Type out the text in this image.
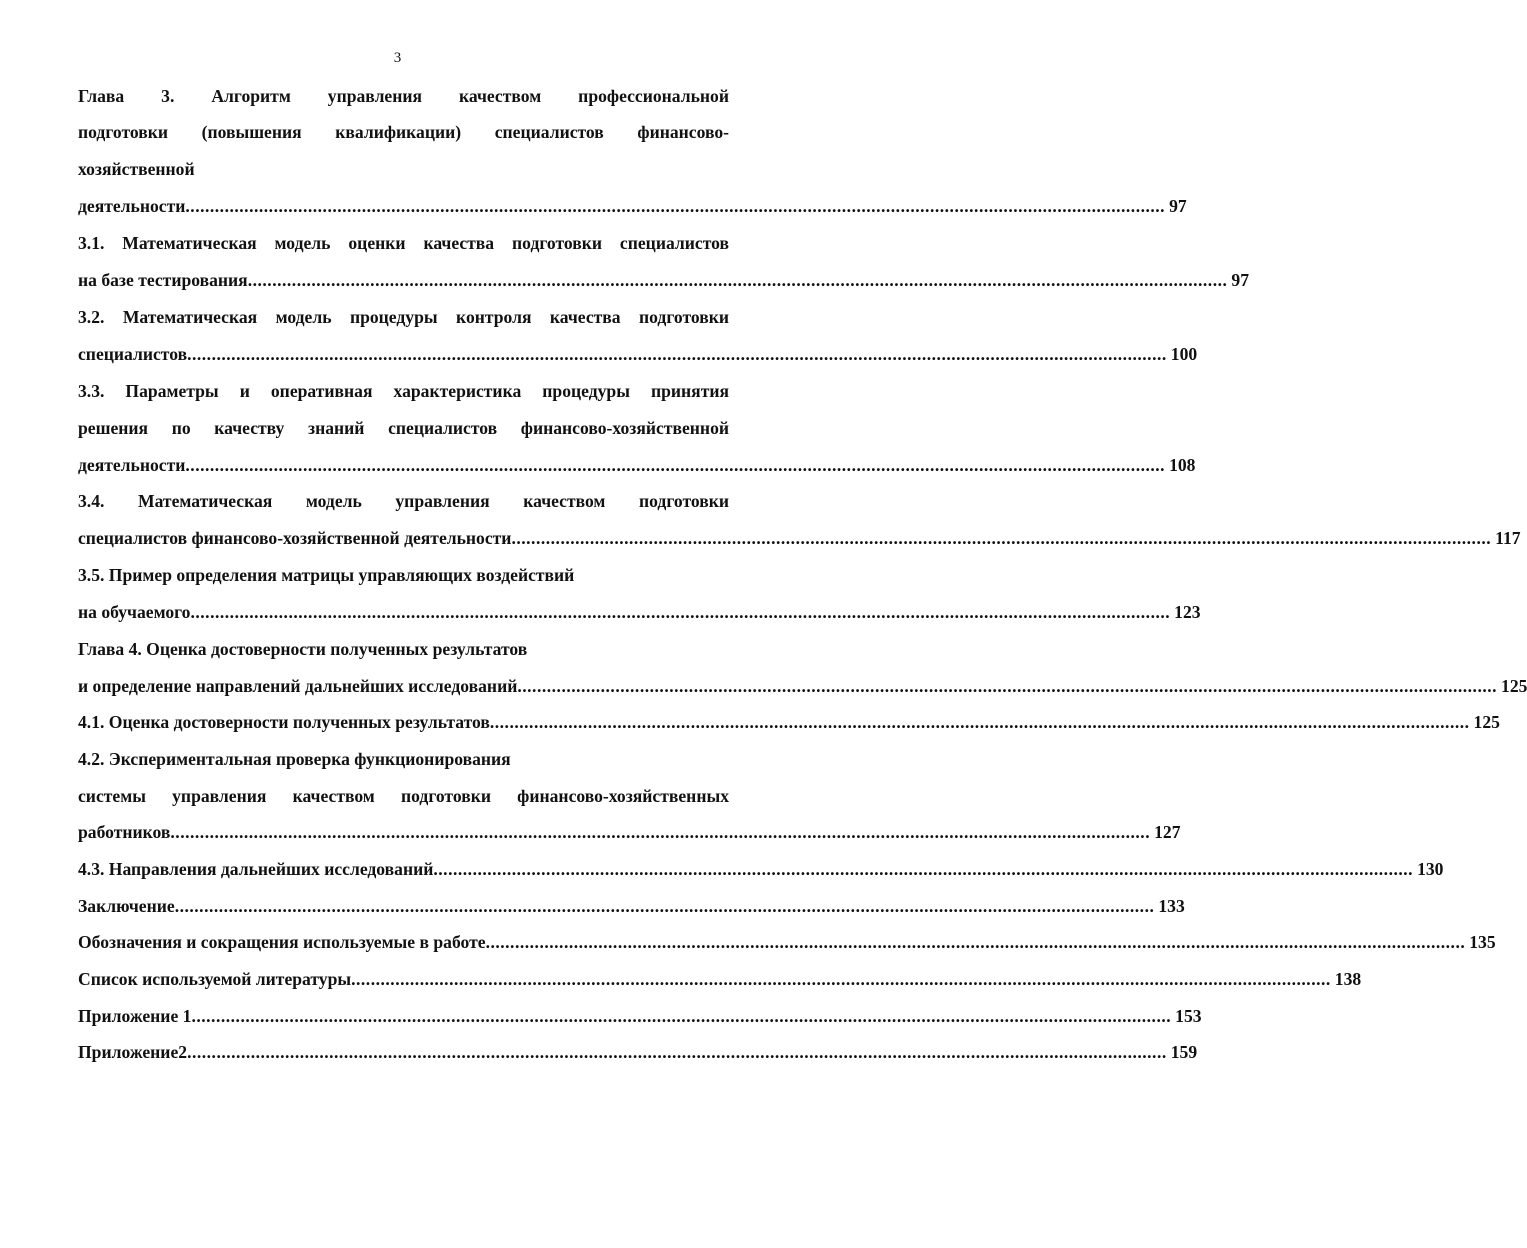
3
Глава 3. Алгоритм управления качеством профессиональной
подготовки (повышения квалификации) специалистов финансово-
хозяйственной
деятельности ........................................................................................................................................................................................................ 97
3.1. Математическая модель оценки качества подготовки специалистов
на базе тестирования ........................................................................................................................................................................................................ 97
3.2. Математическая модель процедуры контроля качества подготовки
специалистов ........................................................................................................................................................................................................ 100
3.3. Параметры и оперативная характеристика процедуры принятия
решения по качеству знаний специалистов финансово-хозяйственной
деятельности ........................................................................................................................................................................................................ 108
3.4. Математическая модель управления качеством подготовки
специалистов финансово-хозяйственной деятельности ........................................................................................................................................................................................................ 117
3.5. Пример определения матрицы управляющих воздействий
на обучаемого ........................................................................................................................................................................................................ 123
Глава 4. Оценка достоверности полученных результатов
и определение направлений дальнейших исследований ........................................................................................................................................................................................................ 125
4.1. Оценка достоверности полученных результатов ........................................................................................................................................................................................................ 125
4.2. Экспериментальная проверка функционирования
системы управления качеством подготовки финансово-хозяйственных
работников ........................................................................................................................................................................................................ 127
4.3. Направления дальнейших исследований ........................................................................................................................................................................................................ 130
Заключение ........................................................................................................................................................................................................ 133
Обозначения и сокращения используемые в работе ........................................................................................................................................................................................................ 135
Список используемой литературы ........................................................................................................................................................................................................ 138
Приложение 1 ........................................................................................................................................................................................................ 153
Приложение2 ........................................................................................................................................................................................................ 159
